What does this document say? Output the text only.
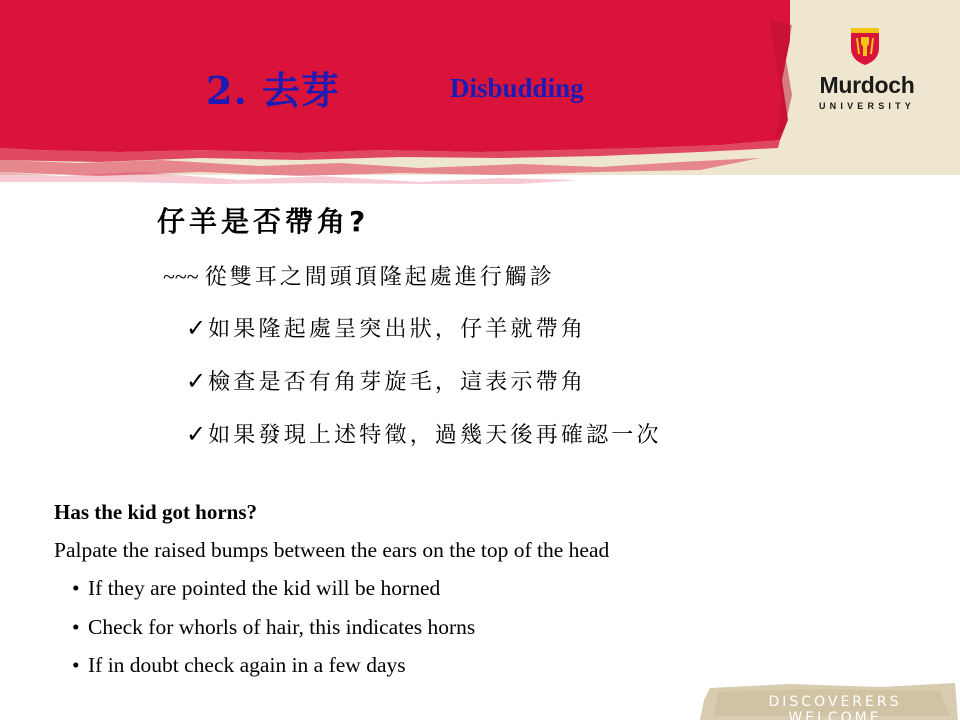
2. 去芽	Disbudding	Murdoch
UNIVERSITY
仔羊是否帶角?
~~~ 從雙耳之間頭頂隆起處進行觸診
✓ 如果隆起處呈突出狀，仔羊就帶角
✓ 檢查是否有角芽旋毛，這表示帶角
✓ 如果發現上述特徵，過幾天後再確認一次
Has the kid got horns?
Palpate the raised bumps between the ears on the top of the head
• If they are pointed the kid will be horned
• Check for whorls of hair, this indicates horns
• If in doubt check again in a few days
DISCOVERERS WELCOME
